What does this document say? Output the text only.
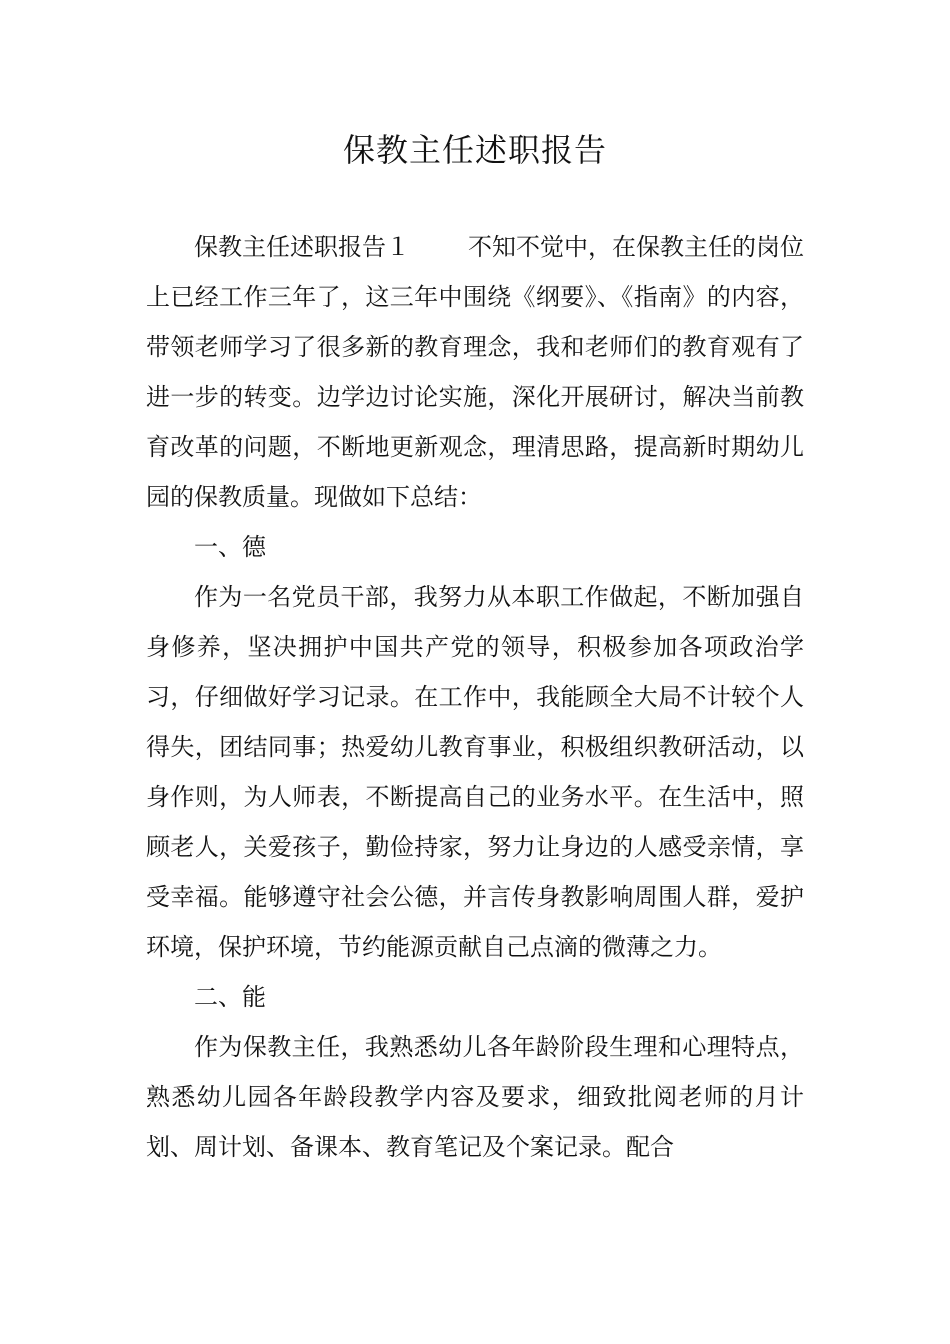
保教主任述职报告

保教主任述职报告１ 不知不觉中，在保教主任的岗位上已经工作三年了，这三年中围绕《纲要》、《指南》的内容，带领老师学习了很多新的教育理念，我和老师们的教育观有了进一步的转变。边学边讨论实施，深化开展研讨，解决当前教育改革的问题，不断地更新观念，理清思路，提高新时期幼儿园的保教质量。现做如下总结：

一、德

作为一名党员干部，我努力从本职工作做起，不断加强自身修养，坚决拥护中国共产党的领导，积极参加各项政治学习，仔细做好学习记录。在工作中，我能顾全大局不计较个人得失，团结同事；热爱幼儿教育事业，积极组织教研活动，以身作则，为人师表，不断提高自己的业务水平。在生活中，照顾老人，关爱孩子，勤俭持家，努力让身边的人感受亲情，享受幸福。能够遵守社会公德，并言传身教影响周围人群，爱护环境，保护环境，节约能源贡献自己点滴的微薄之力。

二、能

作为保教主任，我熟悉幼儿各年龄阶段生理和心理特点，熟悉幼儿园各年龄段教学内容及要求，细致批阅老师的月计划、周计划、备课本、教育笔记及个案记录。配合
